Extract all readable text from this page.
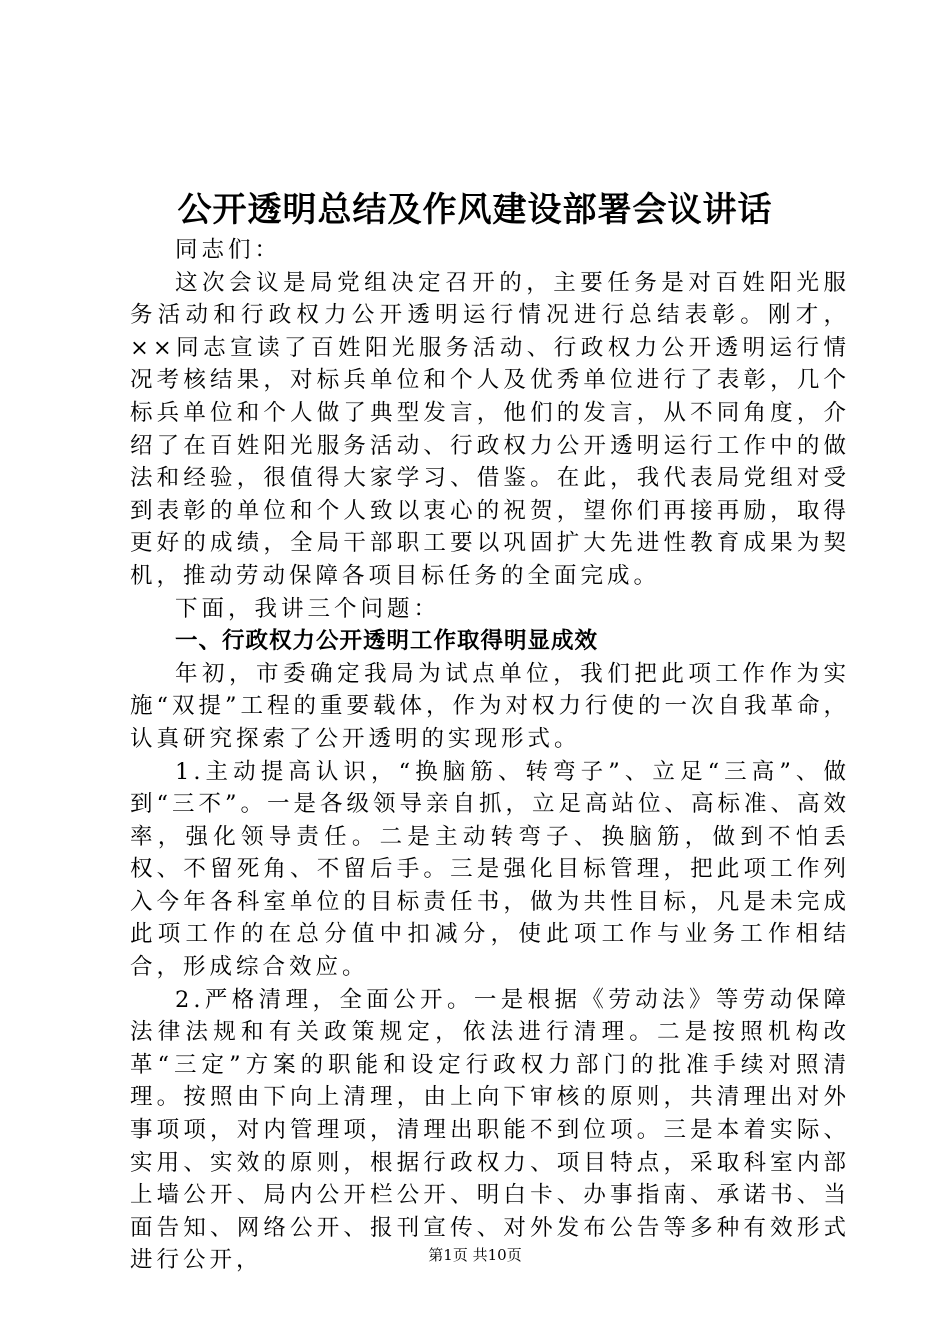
公开透明总结及作风建设部署会议讲话

同志们：

这次会议是局党组决定召开的，主要任务是对百姓阳光服务活动和行政权力公开透明运行情况进行总结表彰。刚才，××同志宣读了百姓阳光服务活动、行政权力公开透明运行情况考核结果，对标兵单位和个人及优秀单位进行了表彰，几个标兵单位和个人做了典型发言，他们的发言，从不同角度，介绍了在百姓阳光服务活动、行政权力公开透明运行工作中的做法和经验，很值得大家学习、借鉴。在此，我代表局党组对受到表彰的单位和个人致以衷心的祝贺，望你们再接再励，取得更好的成绩，全局干部职工要以巩固扩大先进性教育成果为契机，推动劳动保障各项目标任务的全面完成。

下面，我讲三个问题：

一、行政权力公开透明工作取得明显成效

年初，市委确定我局为试点单位，我们把此项工作作为实施“双提”工程的重要载体，作为对权力行使的一次自我革命，认真研究探索了公开透明的实现形式。

1.主动提高认识，“换脑筋、转弯子”、立足“三高”、做到“三不”。一是各级领导亲自抓，立足高站位、高标准、高效率，强化领导责任。二是主动转弯子、换脑筋，做到不怕丢权、不留死角、不留后手。三是强化目标管理，把此项工作列入今年各科室单位的目标责任书，做为共性目标，凡是未完成此项工作的在总分值中扣减分，使此项工作与业务工作相结合，形成综合效应。

2.严格清理，全面公开。一是根据《劳动法》等劳动保障法律法规和有关政策规定，依法进行清理。二是按照机构改革“三定”方案的职能和设定行政权力部门的批准手续对照清理。按照由下向上清理，由上向下审核的原则，共清理出对外事项项，对内管理项，清理出职能不到位项。三是本着实际、实用、实效的原则，根据行政权力、项目特点，采取科室内部上墙公开、局内公开栏公开、明白卡、办事指南、承诺书、当面告知、网络公开、报刊宣传、对外发布公告等多种有效形式进行公开，	第1页 共10页
